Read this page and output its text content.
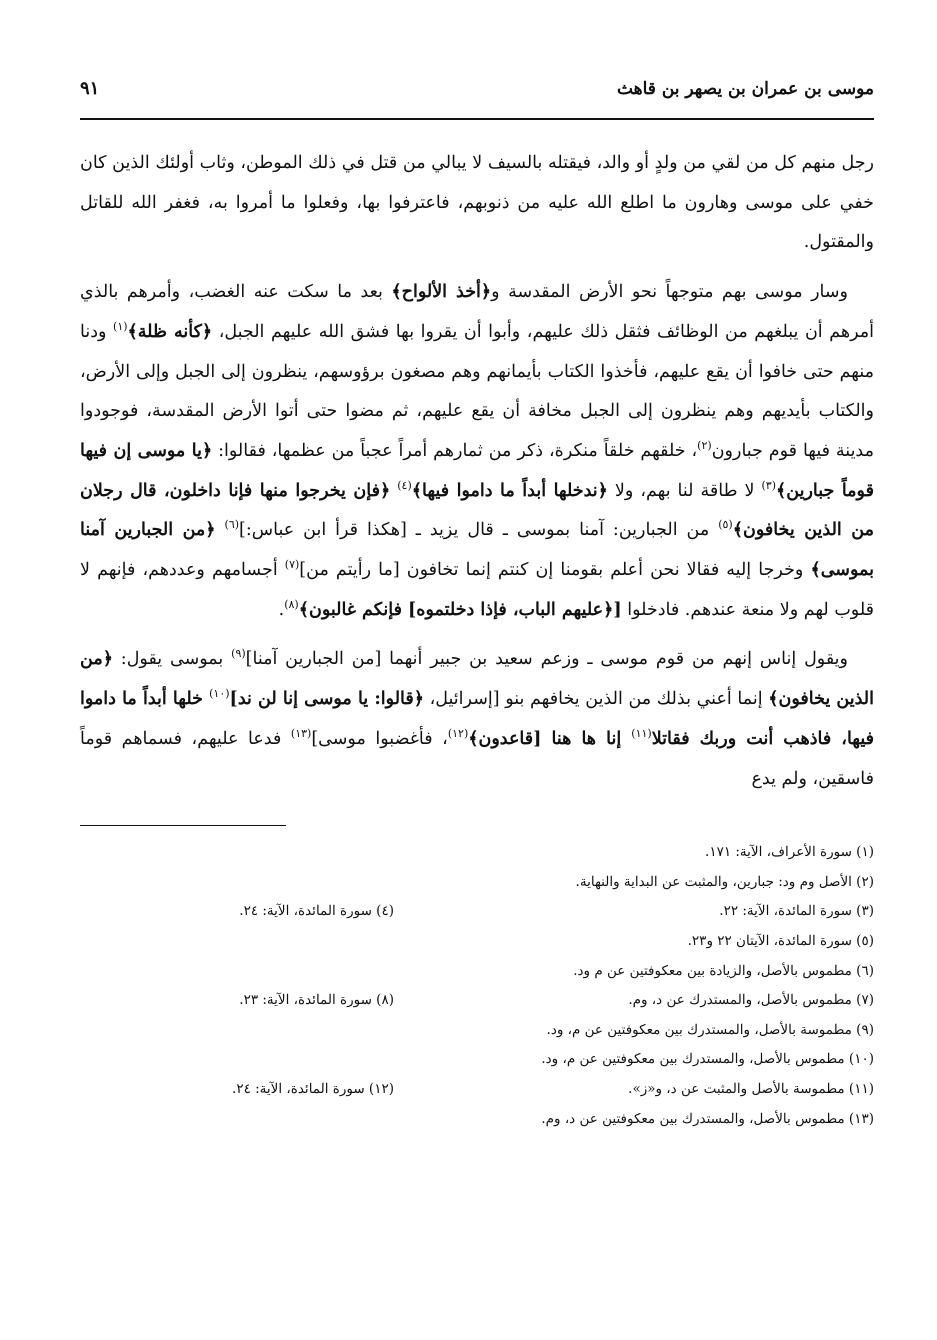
موسى بن عمران بن يصهر بن قاهث
٩١

رجل منهم كل من لقي من ولدٍ أو والد، فيقتله بالسيف لا يبالي من قتل في ذلك الموطن، وثاب أولئك الذين كان خفي على موسى وهارون ما اطلع الله عليه من ذنوبهم، فاعترفوا بها، وفعلوا ما أمروا به، فغفر الله للقاتل والمقتول.

وسار موسى بهم متوجهاً نحو الأرض المقدسة و﴿أخذ الألواح﴾ بعد ما سكت عنه الغضب، وأمرهم بالذي أمرهم أن يبلغهم من الوظائف فثقل ذلك عليهم، وأبوا أن يقروا بها فشق الله عليهم الجبل، ﴿كأنه ظلة﴾$^{(١)}$ ودنا منهم حتى خافوا أن يقع عليهم، فأخذوا الكتاب بأيمانهم وهم مصغون برؤوسهم، ينظرون إلى الجبل وإلى الأرض، والكتاب بأيديهم وهم ينظرون إلى الجبل مخافة أن يقع عليهم، ثم مضوا حتى أتوا الأرض المقدسة، فوجودوا مدينة فيها قوم جبارون$^{(٢)}$، خلقهم خلقاً منكرة، ذكر من ثمارهم أمراً عجباً من عظمها، فقالوا: ﴿يا موسى إن فيها قوماً جبارين﴾$^{(٣)}$ لا طاقة لنا بهم، ولا ﴿ندخلها أبداً ما داموا فيها﴾$^{(٤)}$ ﴿فإن يخرجوا منها فإنا داخلون، قال رجلان من الذين يخافون﴾$^{(٥)}$ من الجبارين: آمنا بموسى ـ قال يزيد ـ [هكذا قرأ ابن عباس:]$^{(٦)}$ ﴿من الجبارين آمنا بموسى﴾ وخرجا إليه فقالا نحن أعلم بقومنا إن كنتم إنما تخافون [ما رأيتم من]$^{(٧)}$ أجسامهم وعددهم، فإنهم لا قلوب لهم ولا منعة عندهم. فادخلوا [﴿عليهم الباب، فإذا دخلتموه] فإنكم غالبون﴾$^{(٨)}$.

ويقول إناس إنهم من قوم موسى ـ وزعم سعيد بن جبير أنهما [من الجبارين آمنا]$^{(٩)}$ بموسى يقول: ﴿من الذين يخافون﴾ إنما أعني بذلك من الذين يخافهم بنو [إسرائيل، ﴿قالوا: يا موسى إنا لن ند]$^{(١٠)}$ خلها أبداً ما داموا فيها، فاذهب أنت وربك فقاتلا$^{(١١)}$ إنا ها هنا [قاعدون﴾$^{(١٢)}$، فأغضبوا موسى]$^{(١٣)}$ فدعا عليهم، فسماهم قوماً فاسقين، ولم يدع

(١) سورة الأعراف، الآية: ١٧١.
(٢) الأصل وم ود: جبارين، والمثبت عن البداية والنهاية.
(٣) سورة المائدة، الآية: ٢٢.
(٤) سورة المائدة، الآية: ٢٤.
(٥) سورة المائدة، الآيتان ٢٢ و٢٣.
(٦) مطموس بالأصل، والزيادة بين معكوفتين عن م ود.
(٧) مطموس بالأصل، والمستدرك عن د، وم.
(٨) سورة المائدة، الآية: ٢٣.
(٩) مطموسة بالأصل، والمستدرك بين معكوفتين عن م، ود.
(١٠) مطموس بالأصل، والمستدرك بين معكوفتين عن م، ود.
(١١) مطموسة بالأصل والمثبت عن د، و«ز».
(١٢) سورة المائدة، الآية: ٢٤.
(١٣) مطموس بالأصل، والمستدرك بين معكوفتين عن د، وم.
